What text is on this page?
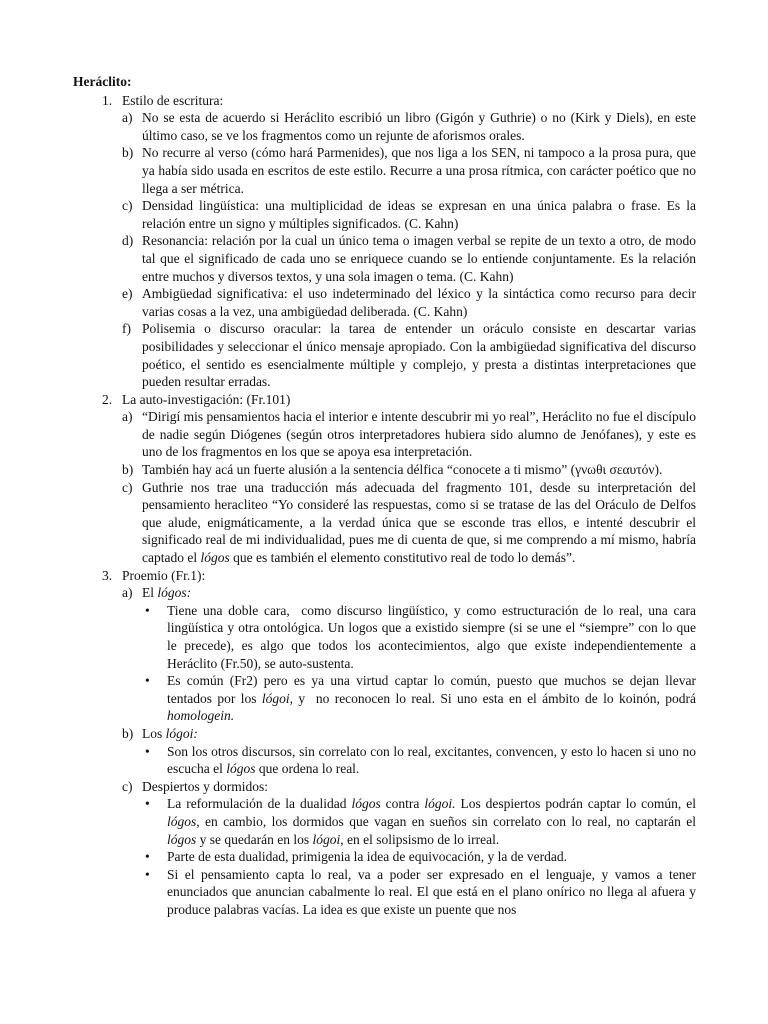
Heráclito:
1. Estilo de escritura:
a) No se esta de acuerdo si Heráclito escribió un libro (Gigón y Guthrie) o no (Kirk y Diels), en este último caso, se ve los fragmentos como un rejunte de aforismos orales.
b) No recurre al verso (cómo hará Parmenides), que nos liga a los SEN, ni tampoco a la prosa pura, que ya había sido usada en escritos de este estilo. Recurre a una prosa rítmica, con carácter poético que no llega a ser métrica.
c) Densidad lingüística: una multiplicidad de ideas se expresan en una única palabra o frase. Es la relación entre un signo y múltiples significados. (C. Kahn)
d) Resonancia: relación por la cual un único tema o imagen verbal se repite de un texto a otro, de modo tal que el significado de cada uno se enriquece cuando se lo entiende conjuntamente. Es la relación entre muchos y diversos textos, y una sola imagen o tema. (C. Kahn)
e) Ambigüedad significativa: el uso indeterminado del léxico y la sintáctica como recurso para decir varias cosas a la vez, una ambigüedad deliberada. (C. Kahn)
f) Polisemia o discurso oracular: la tarea de entender un oráculo consiste en descartar varias posibilidades y seleccionar el único mensaje apropiado. Con la ambigüedad significativa del discurso poético, el sentido es esencialmente múltiple y complejo, y presta a distintas interpretaciones que pueden resultar erradas.
2. La auto-investigación: (Fr.101)
a) “Dirigí mis pensamientos hacia el interior e intente descubrir mi yo real”, Heráclito no fue el discípulo de nadie según Diógenes (según otros interpretadores hubiera sido alumno de Jenófanes), y este es uno de los fragmentos en los que se apoya esa interpretación.
b) También hay acá un fuerte alusión a la sentencia délfica “conocete a ti mismo” (γνωθι σεαυτόν).
c) Guthrie nos trae una traducción más adecuada del fragmento 101, desde su interpretación del pensamiento heracliteo “Yo consideré las respuestas, como si se tratase de las del Oráculo de Delfos que alude, enigmáticamente, a la verdad única que se esconde tras ellos, e intenté descubrir el significado real de mi individualidad, pues me di cuenta de que, si me comprendo a mí mismo, habría captado el lógos que es también el elemento constitutivo real de todo lo demás”.
3. Proemio (Fr.1):
a) El lógos:
•	Tiene una doble cara,  como discurso lingüístico, y como estructuración de lo real, una cara lingüística y otra ontológica. Un logos que a existido siempre (si se une el “siempre” con lo que le precede), es algo que todos los acontecimientos, algo que existe independientemente a Heráclito (Fr.50), se auto-sustenta.
•	Es común (Fr2) pero es ya una virtud captar lo común, puesto que muchos se dejan llevar tentados por los lógoi, y  no reconocen lo real. Si uno esta en el ámbito de lo koinón, podrá homologein.
b) Los lógoi:
•	Son los otros discursos, sin correlato con lo real, excitantes, convencen, y esto lo hacen si uno no escucha el lógos que ordena lo real.
c) Despiertos y dormidos:
•	La reformulación de la dualidad lógos contra lógoi. Los despiertos podrán captar lo común, el lógos, en cambio, los dormidos que vagan en sueños sin correlato con lo real, no captarán el lógos y se quedarán en los lógoi, en el solipsismo de lo irreal.
•	Parte de esta dualidad, primigenia la idea de equivocación, y la de verdad.
•	Si el pensamiento capta lo real, va a poder ser expresado en el lenguaje, y vamos a tener enunciados que anuncian cabalmente lo real. El que está en el plano onírico no llega al afuera y produce palabras vacías. La idea es que existe un puente que nos
